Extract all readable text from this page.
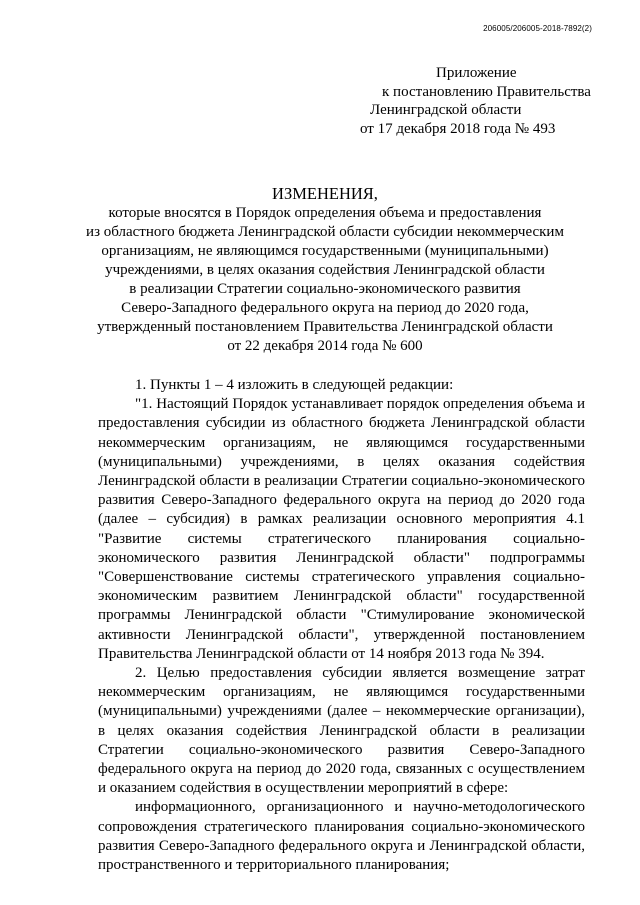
206005/206005-2018-7892(2)
Приложение
к постановлению Правительства
Ленинградской области
от 17 декабря 2018 года № 493
ИЗМЕНЕНИЯ,
которые вносятся в Порядок определения объема и предоставления
из областного бюджета Ленинградской области субсидии некоммерческим
организациям, не являющимся государственными (муниципальными)
учреждениями, в целях оказания содействия Ленинградской области
в реализации Стратегии социально-экономического развития
Северо-Западного федерального округа на период до 2020 года,
утвержденный постановлением Правительства Ленинградской области
от 22 декабря 2014 года № 600

1. Пункты 1 – 4 изложить в следующей редакции:

"1. Настоящий Порядок устанавливает порядок определения объема и предоставления субсидии из областного бюджета Ленинградской области некоммерческим организациям, не являющимся государственными (муниципальными) учреждениями, в целях оказания содействия Ленинградской области в реализации Стратегии социально-экономического развития Северо-Западного федерального округа на период до 2020 года (далее – субсидия) в рамках реализации основного мероприятия 4.1 "Развитие системы стратегического планирования социально-экономического развития Ленинградской области" подпрограммы "Совершенствование системы стратегического управления социально-экономическим развитием Ленинградской области" государственной программы Ленинградской области "Стимулирование экономической активности Ленинградской области", утвержденной постановлением Правительства Ленинградской области от 14 ноября 2013 года № 394.

2. Целью предоставления субсидии является возмещение затрат некоммерческим организациям, не являющимся государственными (муниципальными) учреждениями (далее – некоммерческие организации), в целях оказания содействия Ленинградской области в реализации Стратегии социально-экономического развития Северо-Западного федерального округа на период до 2020 года, связанных с осуществлением и оказанием содействия в осуществлении мероприятий в сфере:

информационного, организационного и научно-методологического сопровождения стратегического планирования социально-экономического развития Северо-Западного федерального округа и Ленинградской области, пространственного и территориального планирования;
